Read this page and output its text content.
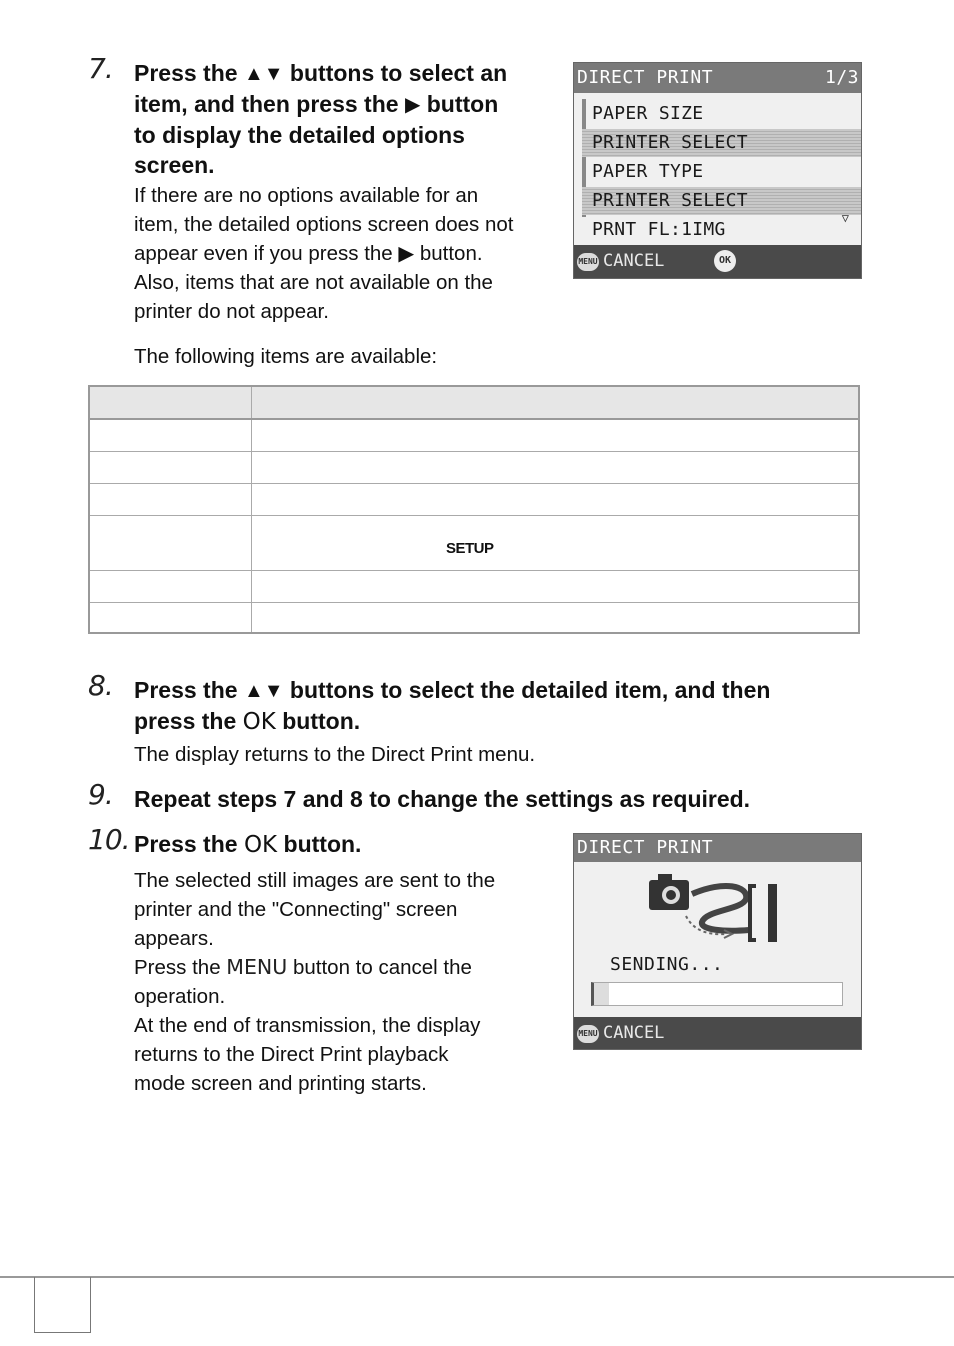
7. Press the ▲▼ buttons to select an
item, and then press the ▶ button
to display the detailed options
screen.
If there are no options available for an
item, the detailed options screen does not
appear even if you press the ▶ button.
Also, items that are not available on the
printer do not appear.
The following items are available:
DIRECT PRINT	1/3
PAPER SIZE
PRINTER SELECT
PAPER TYPE
PRINTER SELECT
PRNT FL:1IMG
▽
MENU CANCEL	OK

	SETUP

8. Press the ▲▼ buttons to select the detailed item, and then
press the OK button.
The display returns to the Direct Print menu.
9. Repeat steps 7 and 8 to change the settings as required.
10. Press the OK button.
The selected still images are sent to the
printer and the "Connecting" screen
appears.
Press the MENU button to cancel the
operation.
At the end of transmission, the display
returns to the Direct Print playback
mode screen and printing starts.
DIRECT PRINT
SENDING...
MENU CANCEL
